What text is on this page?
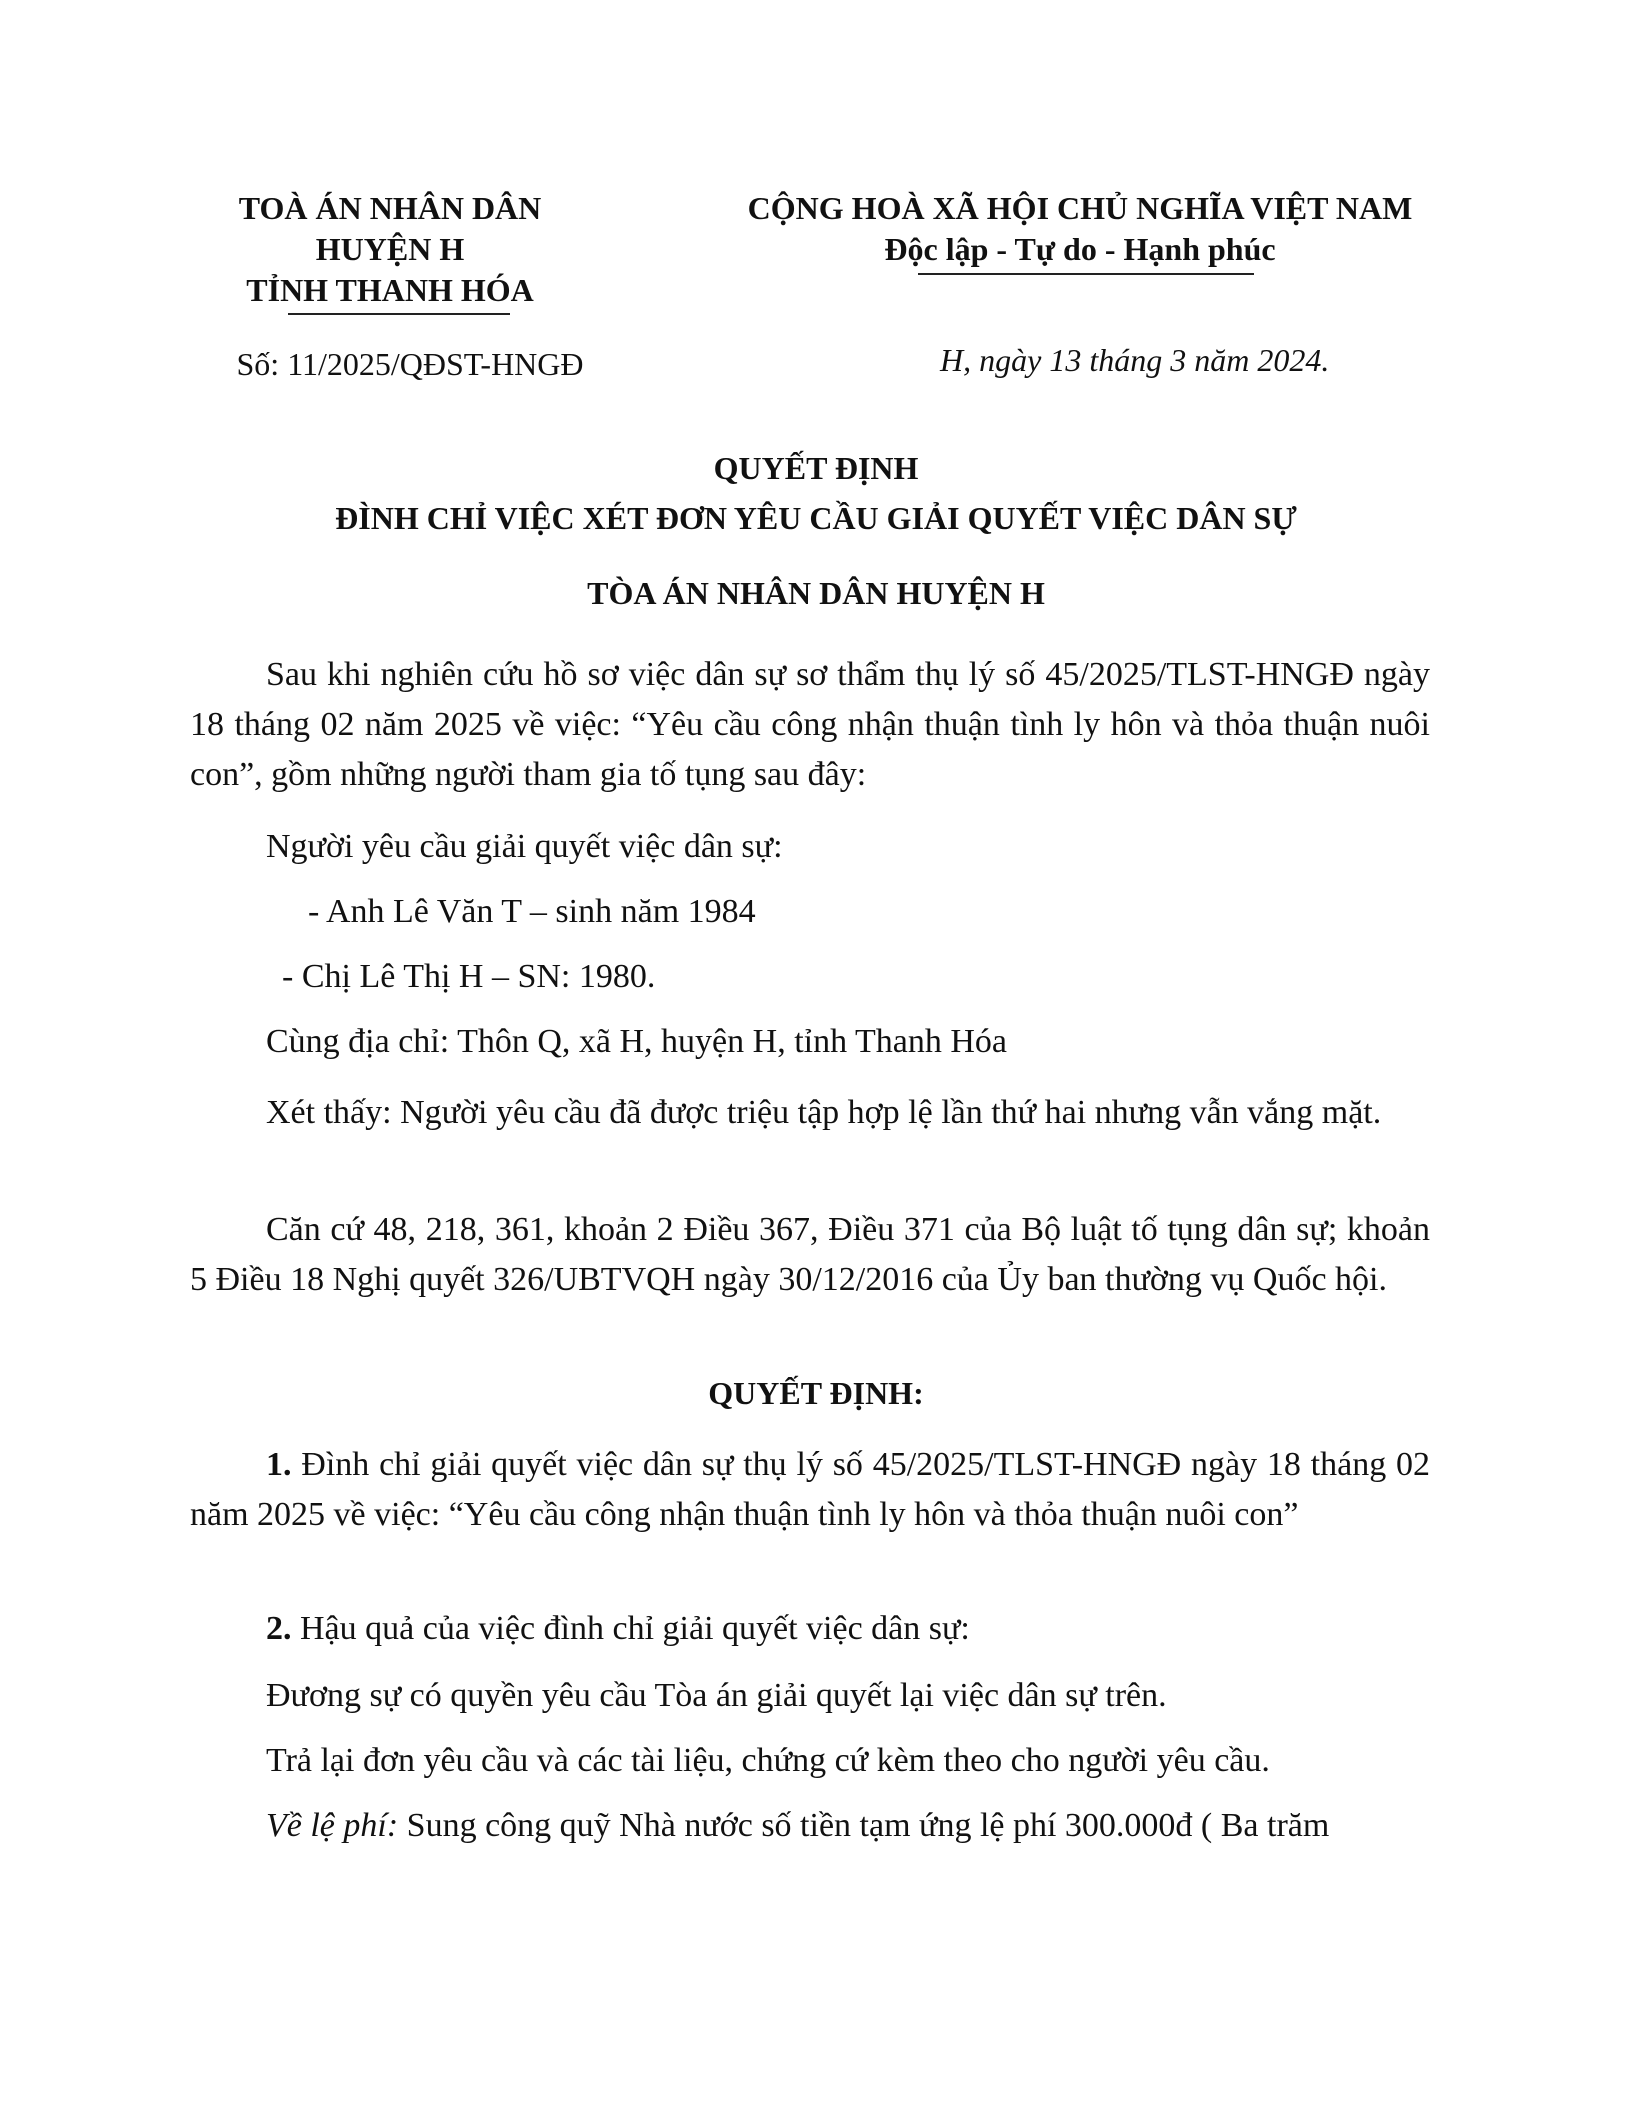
TOÀ ÁN NHÂN DÂN
HUYỆN H
TỈNH THANH HÓA
Số: 11/2025/QĐST-HNGĐ
CỘNG HOÀ XÃ HỘI CHỦ NGHĨA VIỆT NAM
Độc lập - Tự do - Hạnh phúc
H, ngày 13 tháng 3 năm 2024.
QUYẾT ĐỊNH
ĐÌNH CHỈ VIỆC XÉT ĐƠN YÊU CẦU GIẢI QUYẾT VIỆC DÂN SỰ
TÒA ÁN NHÂN DÂN HUYỆN H
Sau khi nghiên cứu hồ sơ việc dân sự sơ thẩm thụ lý số 45/2025/TLST-HNGĐ ngày 18 tháng 02 năm 2025 về việc: “Yêu cầu công nhận thuận tình ly hôn và thỏa thuận nuôi con”, gồm những người tham gia tố tụng sau đây:
Người yêu cầu giải quyết việc dân sự:
- Anh Lê Văn T – sinh năm 1984
- Chị Lê Thị H – SN: 1980.
Cùng địa chỉ: Thôn Q, xã H, huyện H, tỉnh Thanh Hóa
Xét thấy: Người yêu cầu đã được triệu tập hợp lệ lần thứ hai nhưng vẫn vắng mặt.
Căn cứ 48, 218, 361, khoản 2 Điều 367, Điều 371 của Bộ luật tố tụng dân sự; khoản 5 Điều 18 Nghị quyết 326/UBTVQH ngày 30/12/2016 của Ủy ban thường vụ Quốc hội.
QUYẾT ĐỊNH:
1. Đình chỉ giải quyết việc dân sự thụ lý số 45/2025/TLST-HNGĐ ngày 18 tháng 02 năm 2025 về việc: “Yêu cầu công nhận thuận tình ly hôn và thỏa thuận nuôi con”
2. Hậu quả của việc đình chỉ giải quyết việc dân sự:
Đương sự có quyền yêu cầu Tòa án giải quyết lại việc dân sự trên.
Trả lại đơn yêu cầu và các tài liệu, chứng cứ kèm theo cho người yêu cầu.
Về lệ phí: Sung công quỹ Nhà nước số tiền tạm ứng lệ phí 300.000đ ( Ba trăm
